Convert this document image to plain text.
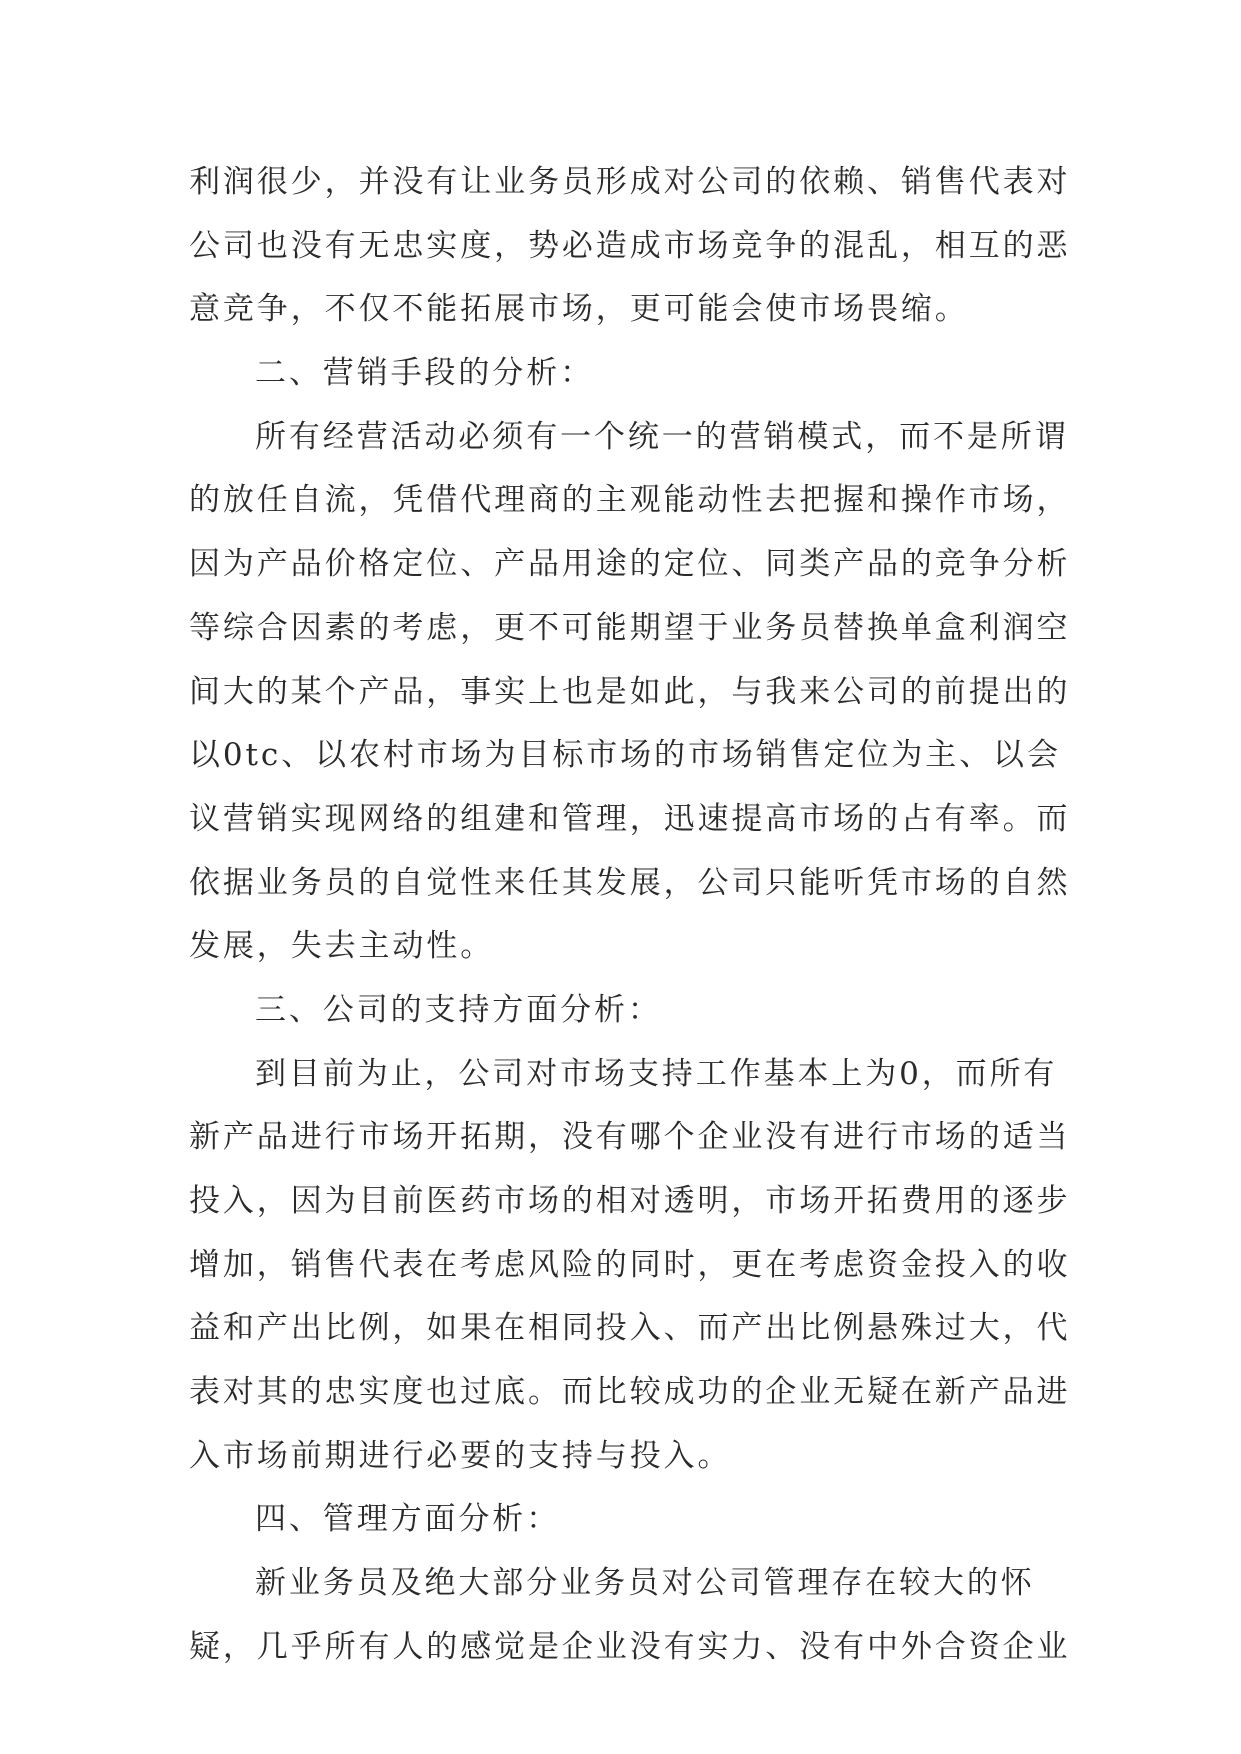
利润很少，并没有让业务员形成对公司的依赖、销售代表对
公司也没有无忠实度，势必造成市场竞争的混乱，相互的恶
意竞争，不仅不能拓展市场，更可能会使市场畏缩。
二、营销手段的分析：
所有经营活动必须有一个统一的营销模式，而不是所谓
的放任自流，凭借代理商的主观能动性去把握和操作市场，
因为产品价格定位、产品用途的定位、同类产品的竞争分析
等综合因素的考虑，更不可能期望于业务员替换单盒利润空
间大的某个产品，事实上也是如此，与我来公司的前提出的
以0tc、以农村市场为目标市场的市场销售定位为主、以会
议营销实现网络的组建和管理，迅速提高市场的占有率。而
依据业务员的自觉性来任其发展，公司只能听凭市场的自然
发展，失去主动性。
三、公司的支持方面分析：
到目前为止，公司对市场支持工作基本上为0，而所有
新产品进行市场开拓期，没有哪个企业没有进行市场的适当
投入，因为目前医药市场的相对透明，市场开拓费用的逐步
增加，销售代表在考虑风险的同时，更在考虑资金投入的收
益和产出比例，如果在相同投入、而产出比例悬殊过大，代
表对其的忠实度也过底。而比较成功的企业无疑在新产品进
入市场前期进行必要的支持与投入。
四、管理方面分析：
新业务员及绝大部分业务员对公司管理存在较大的怀
疑，几乎所有人的感觉是企业没有实力、没有中外合资企业
